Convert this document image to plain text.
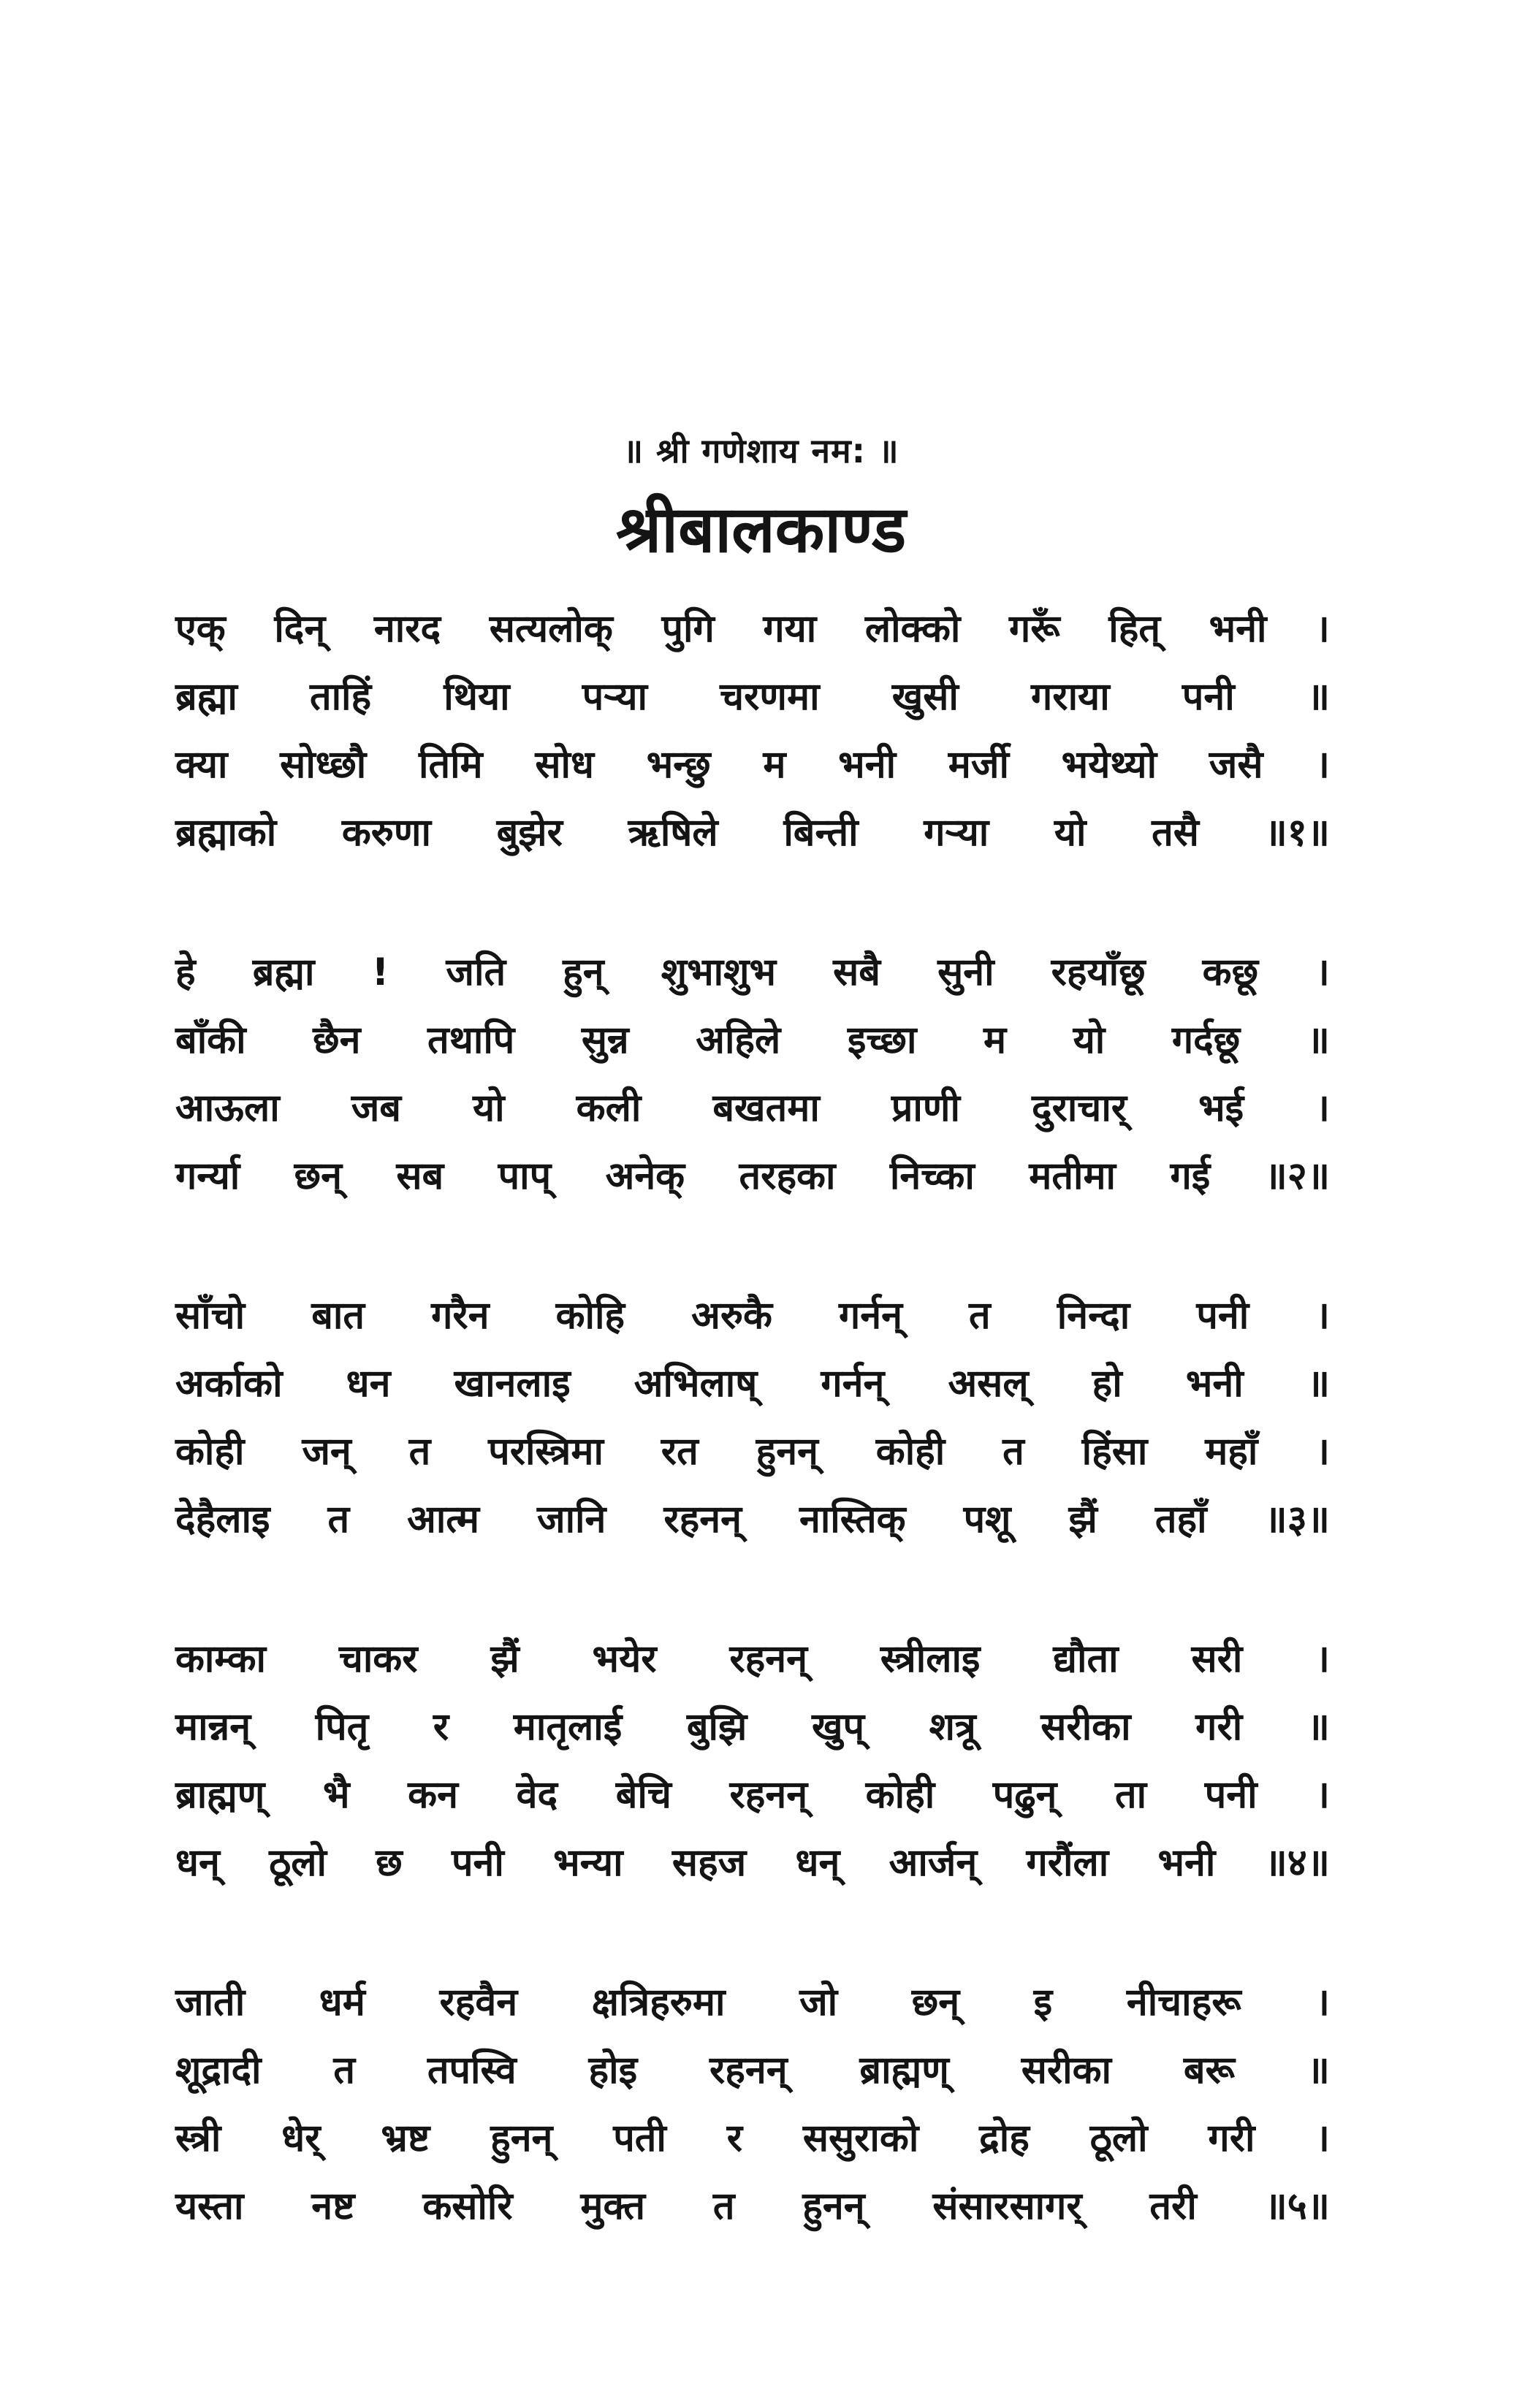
॥ श्री गणेशाय नम: ॥
श्रीबालकाण्ड
एक् दिन् नारद सत्यलोक् पुगि गया लोक्को गरूँ हित् भनी ।
ब्रह्मा ताहिं थिया पऱ्या चरणमा खुसी गराया पनी ॥
क्या सोध्छौ तिमि सोध भन्छु म भनी मर्जी भयेथ्यो जसै ।
ब्रह्माको करुणा बुझेर ऋषिले बिन्ती गऱ्या यो तसै ॥१॥
हे ब्रह्मा ! जति हुन् शुभाशुभ सबै सुनी रहयाँछू कछू ।
बाँकी छैन तथापि सुन्न अहिले इच्छा म यो गर्दछू ॥
आऊला जब यो कली बखतमा प्राणी दुराचार् भई ।
गर्न्या छन् सब पाप् अनेक् तरहका निच्का मतीमा गई ॥२॥
साँचो बात गरैन कोहि अरुकै गर्नन् त निन्दा पनी ।
अर्काको धन खानलाइ अभिलाष् गर्नन् असल् हो भनी ॥
कोही जन् त परस्त्रिमा रत हुनन् कोही त हिंसा महाँ ।
देहैलाइ त आत्म जानि रहनन् नास्तिक् पशू झैं तहाँ ॥३॥
काम्का चाकर झैं भयेर रहनन् स्त्रीलाइ द्यौता सरी ।
मान्नन् पितृ र मातृलाई बुझि खुप् शत्रू सरीका गरी ॥
ब्राह्मण् भै कन वेद बेचि रहनन् कोही पढुन् ता पनी ।
धन् ठूलो छ पनी भन्या सहज धन् आर्जन् गरौंला भनी ॥४॥
जाती धर्म रहवैन क्षत्रिहरुमा जो छन् इ नीचाहरू ।
शूद्रादी त तपस्वि होइ रहनन् ब्राह्मण् सरीका बरू ॥
स्त्री धेर् भ्रष्ट हुनन् पती र ससुराको द्रोह ठूलो गरी ।
यस्ता नष्ट कसोरि मुक्त त हुनन् संसारसागर् तरी ॥५॥
